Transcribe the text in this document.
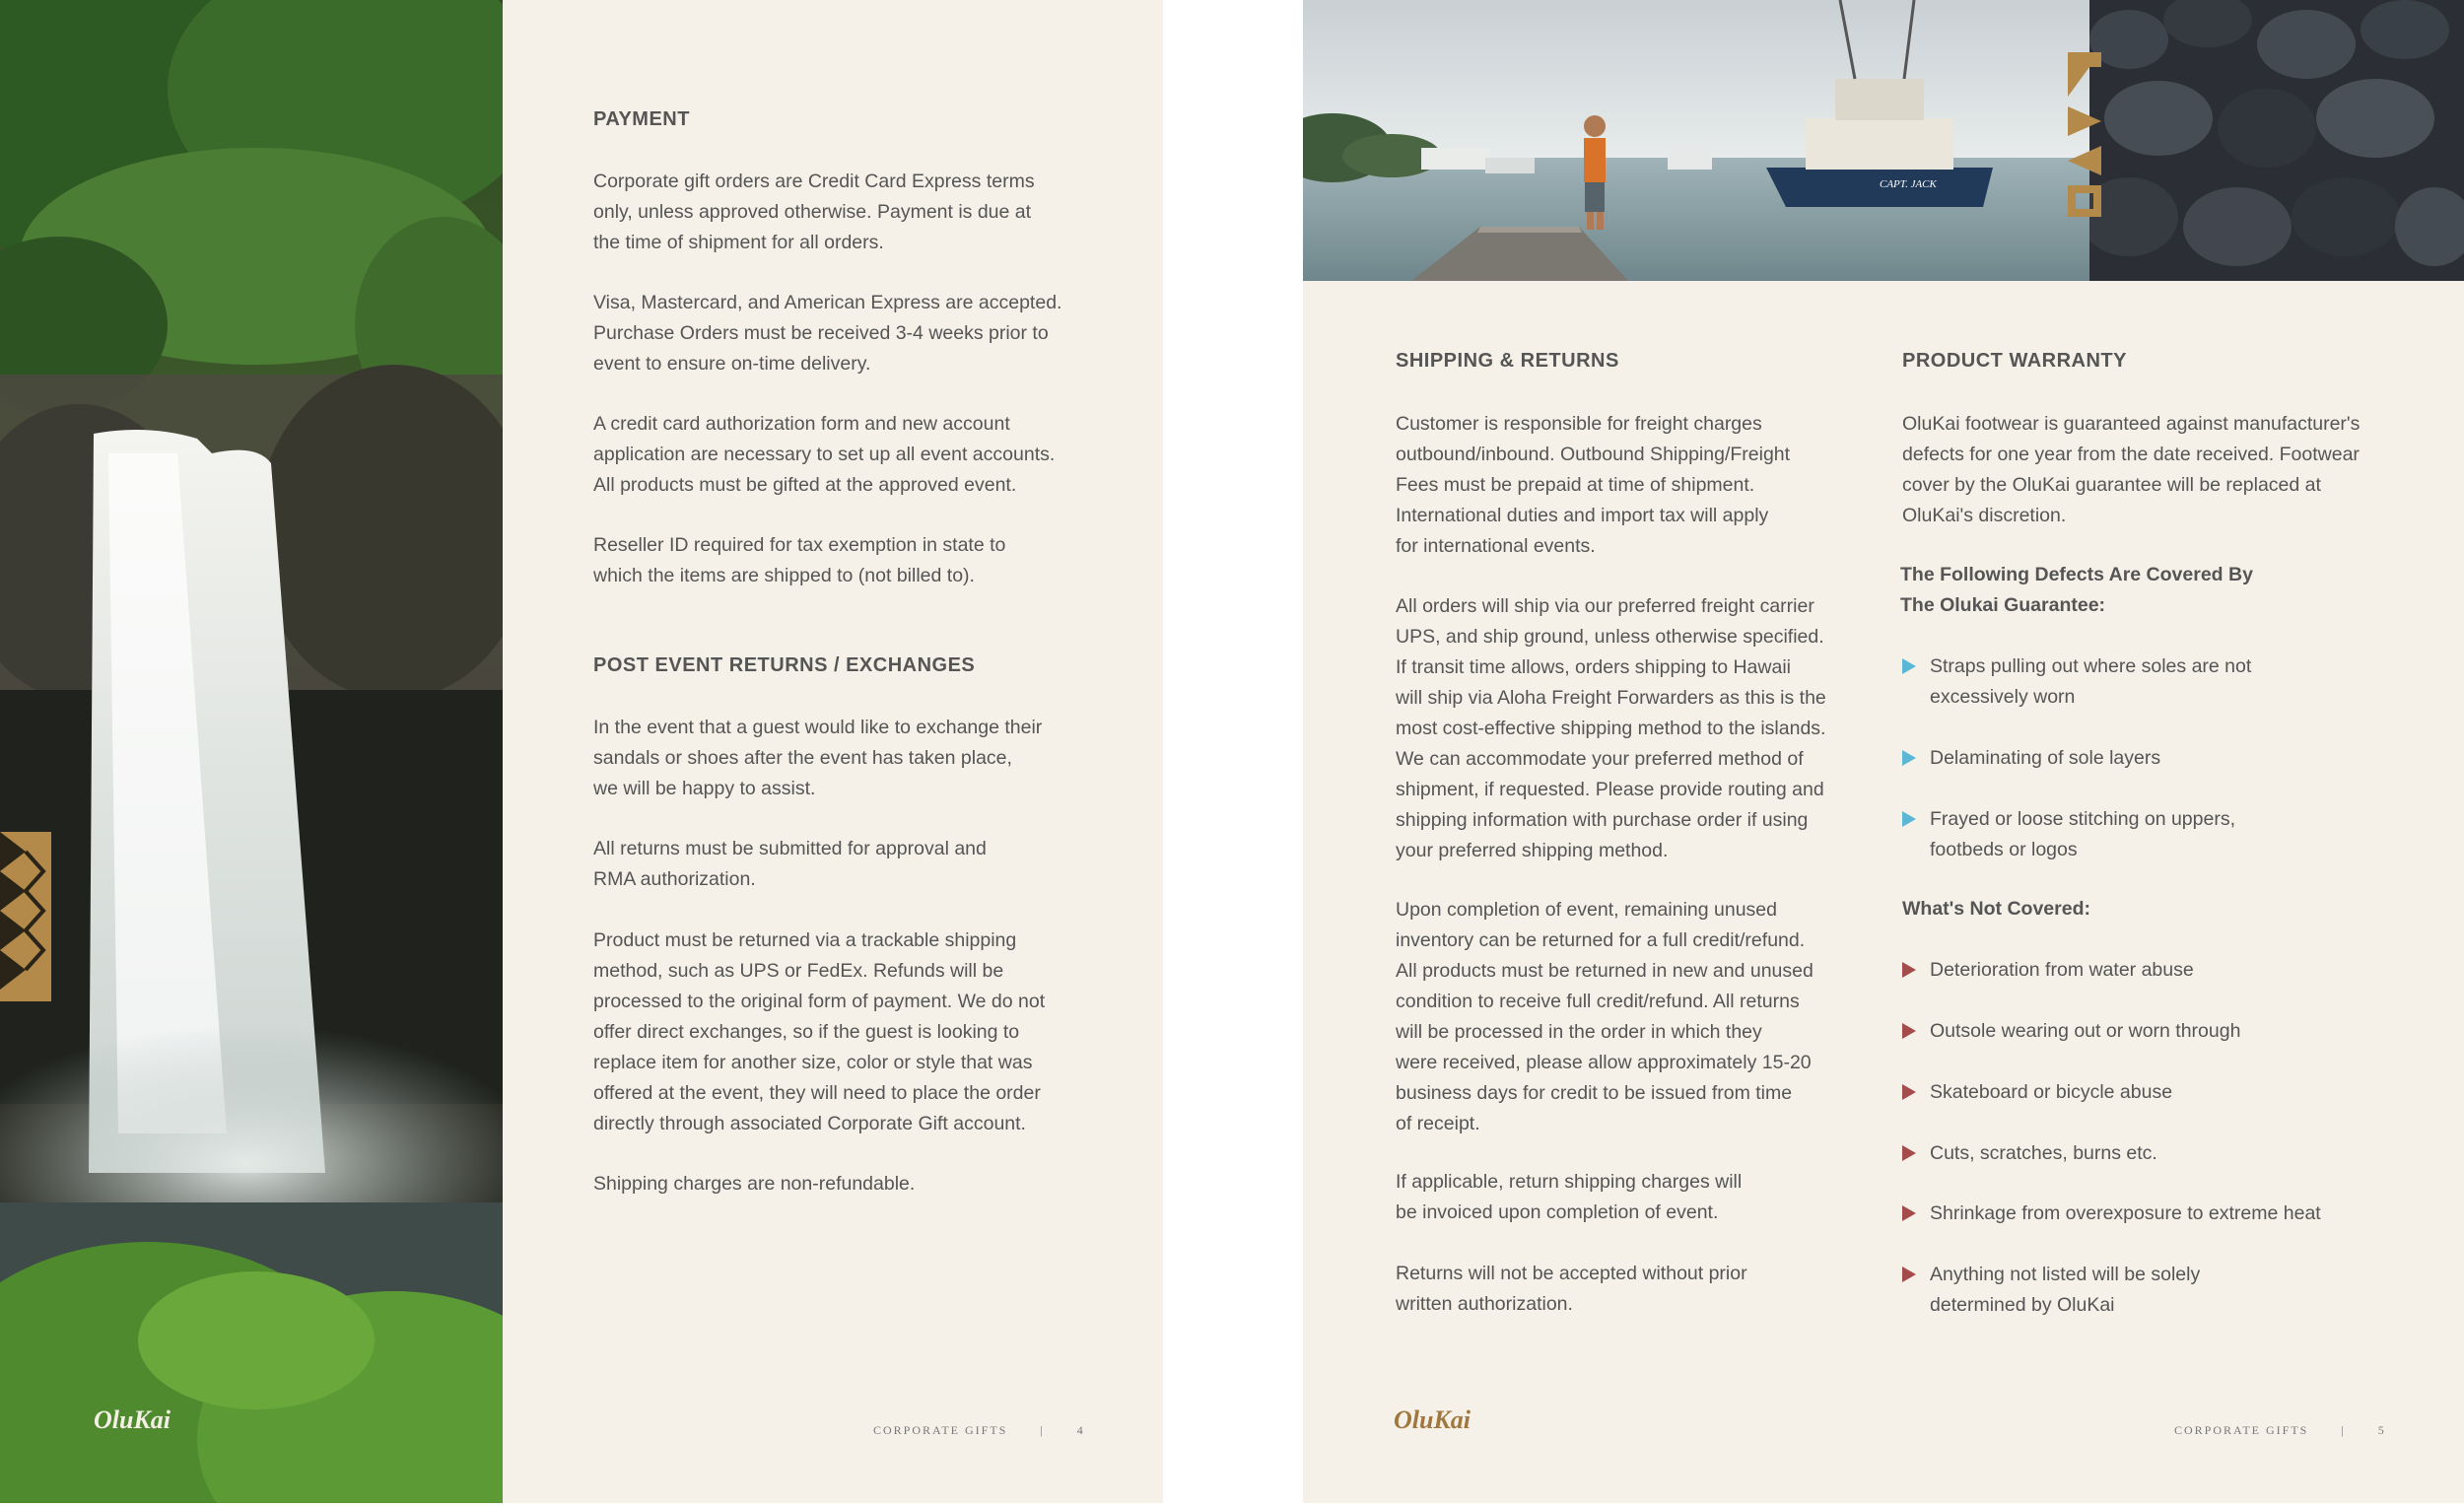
OluKai
PAYMENT

Corporate gift orders are Credit Card Express terms
only, unless approved otherwise. Payment is due at
the time of shipment for all orders.

Visa, Mastercard, and American Express are accepted.
Purchase Orders must be received 3-4 weeks prior to
event to ensure on-time delivery.

A credit card authorization form and new account
application are necessary to set up all event accounts.
All products must be gifted at the approved event.

Reseller ID required for tax exemption in state to
which the items are shipped to (not billed to).

POST EVENT RETURNS / EXCHANGES

In the event that a guest would like to exchange their
sandals or shoes after the event has taken place,
we will be happy to assist.

All returns must be submitted for approval and
RMA authorization.

Product must be returned via a trackable shipping
method, such as UPS or FedEx. Refunds will be
processed to the original form of payment. We do not
offer direct exchanges, so if the guest is looking to
replace item for another size, color or style that was
offered at the event, they will need to place the order
directly through associated Corporate Gift account.

Shipping charges are non-refundable.

CORPORATE GIFTS	|	4
CAPT. JACK
SHIPPING & RETURNS

Customer is responsible for freight charges
outbound/inbound. Outbound Shipping/Freight
Fees must be prepaid at time of shipment.
International duties and import tax will apply
for international events.

All orders will ship via our preferred freight carrier
UPS, and ship ground, unless otherwise specified.
If transit time allows, orders shipping to Hawaii
will ship via Aloha Freight Forwarders as this is the
most cost-effective shipping method to the islands.
We can accommodate your preferred method of
shipment, if requested. Please provide routing and
shipping information with purchase order if using
your preferred shipping method.

Upon completion of event, remaining unused
inventory can be returned for a full credit/refund.
All products must be returned in new and unused
condition to receive full credit/refund. All returns
will be processed in the order in which they
were received, please allow approximately 15-20
business days for credit to be issued from time
of receipt.

If applicable, return shipping charges will
be invoiced upon completion of event.

Returns will not be accepted without prior
written authorization.

PRODUCT WARRANTY

OluKai footwear is guaranteed against manufacturer's
defects for one year from the date received. Footwear
cover by the OluKai guarantee will be replaced at
OluKai's discretion.

The Following Defects Are Covered By
The Olukai Guarantee:

Straps pulling out where soles are not
excessively worn
Delaminating of sole layers
Frayed or loose stitching on uppers,
footbeds or logos

What's Not Covered:

Deterioration from water abuse
Outsole wearing out or worn through
Skateboard or bicycle abuse
Cuts, scratches, burns etc.
Shrinkage from overexposure to extreme heat
Anything not listed will be solely
determined by OluKai
OluKai	CORPORATE GIFTS	|	5
